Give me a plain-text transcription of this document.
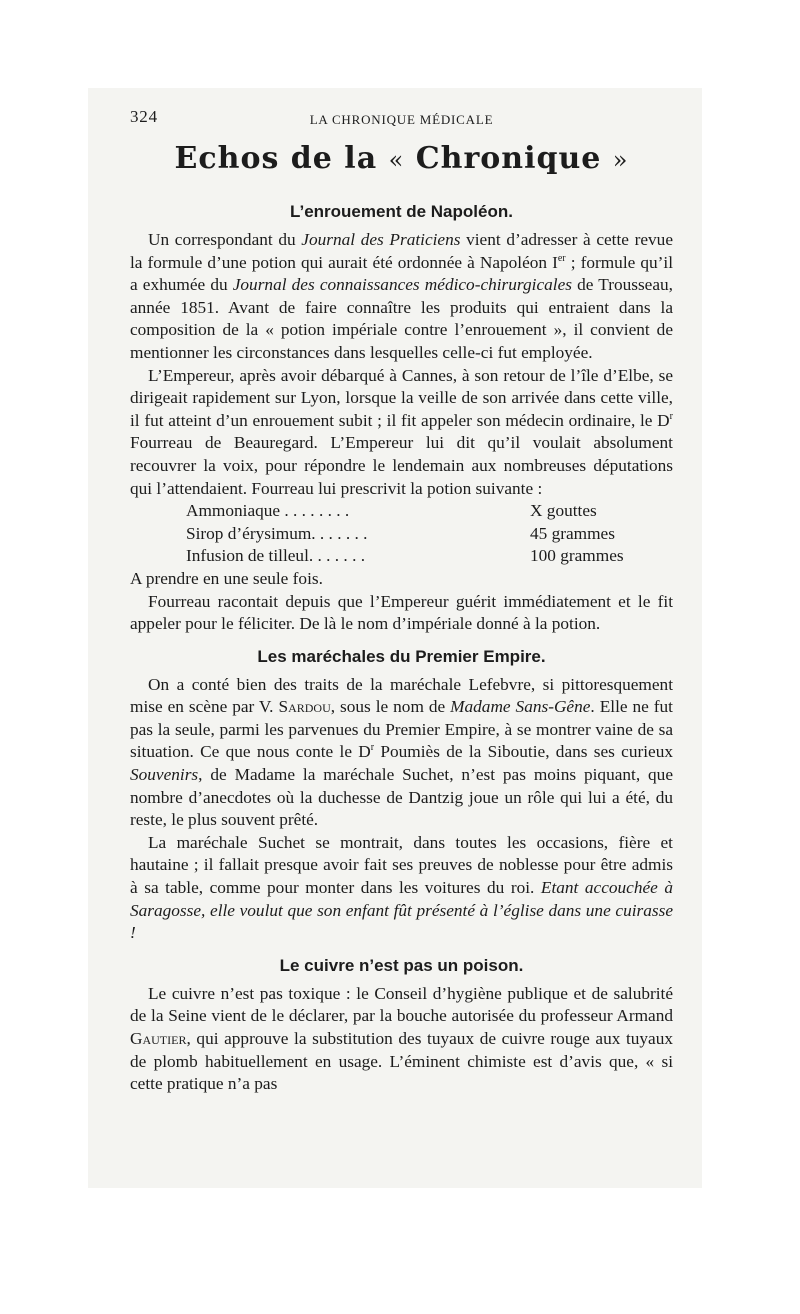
324	LA CHRONIQUE MÉDICALE
Echos de la « Chronique »
L’enrouement de Napoléon.

Un correspondant du Journal des Praticiens vient d’adresser à cette revue la formule d’une potion qui aurait été ordonnée à Napoléon Ier ; formule qu’il a exhumée du Journal des connaissances médico-chirurgicales de Trousseau, année 1851. Avant de faire connaître les produits qui entraient dans la composition de la « potion impériale contre l’enrouement », il convient de mentionner les circonstances dans lesquelles celle-ci fut employée.

L’Empereur, après avoir débarqué à Cannes, à son retour de l’île d’Elbe, se dirigeait rapidement sur Lyon, lorsque la veille de son arrivée dans cette ville, il fut atteint d’un enrouement subit ; il fit appeler son médecin ordinaire, le $D^r$ Fourreau de Beauregard. L’Empereur lui dit qu’il voulait absolument recouvrer la voix, pour répondre le lendemain aux nombreuses députations qui l’attendaient. Fourreau lui prescrivit la potion suivante :

Ammoniaque . . . . . . . .	X gouttes
Sirop d’érysimum. . . . . . .	45 grammes
Infusion de tilleul. . . . . . .	100 grammes

A prendre en une seule fois.

Fourreau racontait depuis que l’Empereur guérit immédiatement et le fit appeler pour le féliciter. De là le nom d’impériale donné à la potion.

Les maréchales du Premier Empire.

On a conté bien des traits de la maréchale Lefebvre, si pittoresquement mise en scène par V. Sardou, sous le nom de Madame Sans-Gêne. Elle ne fut pas la seule, parmi les parvenues du Premier Empire, à se montrer vaine de sa situation. Ce que nous conte le $D^r$ Poumiès de la Siboutie, dans ses curieux Souvenirs, de Madame la maréchale Suchet, n’est pas moins piquant, que nombre d’anecdotes où la duchesse de Dantzig joue un rôle qui lui a été, du reste, le plus souvent prêté.

La maréchale Suchet se montrait, dans toutes les occasions, fière et hautaine ; il fallait presque avoir fait ses preuves de noblesse pour être admis à sa table, comme pour monter dans les voitures du roi. Etant accouchée à Saragosse, elle voulut que son enfant fût présenté à l’église dans une cuirasse !

Le cuivre n’est pas un poison.

Le cuivre n’est pas toxique : le Conseil d’hygiène publique et de salubrité de la Seine vient de le déclarer, par la bouche autorisée du professeur Armand Gautier, qui approuve la substitution des tuyaux de cuivre rouge aux tuyaux de plomb habituellement en usage. L’éminent chimiste est d’avis que, « si cette pratique n’a pas
